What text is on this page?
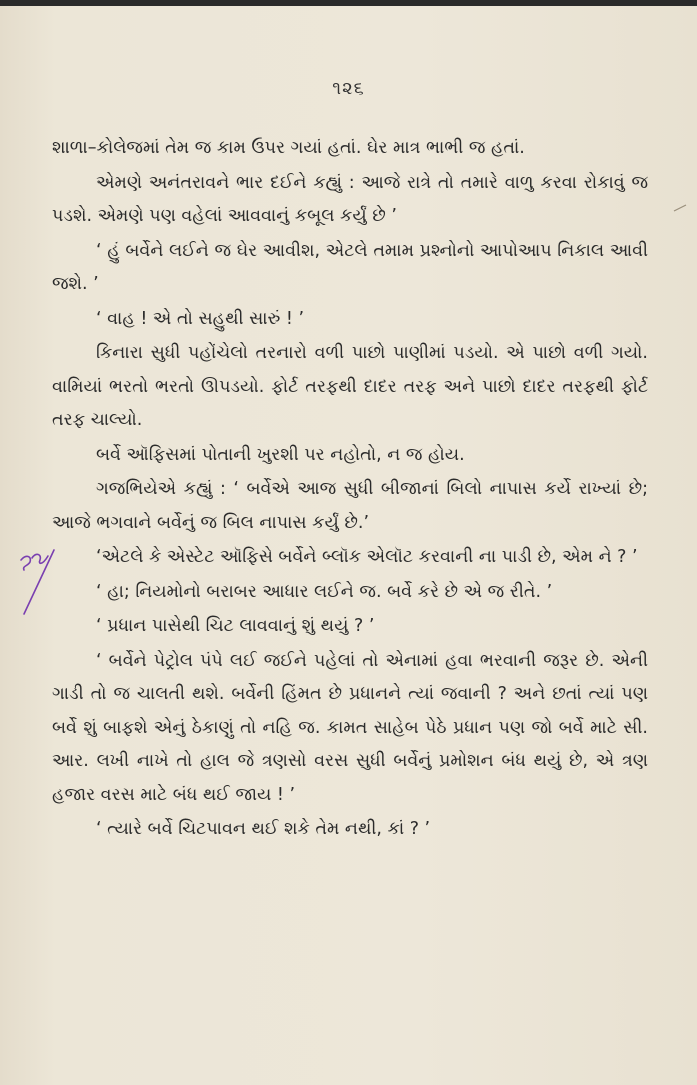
૧૨૬

શાળા–કોલેજમાં તેમ જ કામ ઉપર ગયાં હતાં. ઘેર માત્ર ભાભી જ હતાં.

એમણે અનંતરાવને ભાર દઈને કહ્યું : આજે રાત્રે તો તમારે વાળુ કરવા રોકાવું જ પડશે. એમણે પણ વહેલાં આવવાનું કબૂલ કર્યું છે ’

‘ હું બર્વેને લઈને જ ઘેર આવીશ, એટલે તમામ પ્રશ્નોનો આપોઆપ નિકાલ આવી જશે. ’

‘ વાહ ! એ તો સહુથી સારું ! ’

કિનારા સુધી પહોંચેલો તરનારો વળી પાછો પાણીમાં પડયો. એ પાછો વળી ગયો. વામિયાં ભરતો ભરતો ઊપડયો. ફોર્ટ તરફથી દાદર તરફ અને પાછો દાદર તરફથી ફોર્ટ તરફ ચાલ્યો.

બર્વે ઑફિસમાં પોતાની ખુરશી પર નહોતો, ન જ હોય.

ગજભિયેએ કહ્યું : ‘ બર્વેએ આજ સુધી બીજાનાં બિલો નાપાસ કર્યે રાખ્યાં છે; આજે ભગવાને બર્વેનું જ બિલ નાપાસ કર્યું છે.’

‘એટલે કે એસ્ટેટ ઑફિસે બર્વેને બ્લૉક એલૉટ કરવાની ના પાડી છે, એમ ને ? ’

‘ હા; નિયમોનો બરાબર આધાર લઈને જ. બર્વે કરે છે એ જ રીતે. ’

‘ પ્રધાન પાસેથી ચિટ લાવવાનું શું થયું ? ’

‘ બર્વેને પેટ્રોલ પંપે લઈ જઈને પહેલાં તો એનામાં હવા ભરવાની જરૂર છે. એની ગાડી તો જ ચાલતી થશે. બર્વેની હિંમત છે પ્રધાનને ત્યાં જવાની ? અને છતાં ત્યાં પણ બર્વે શું બાફશે એનું ઠેકાણું તો નહિ જ. કામત સાહેબ પેઠે પ્રધાન પણ જો બર્વે માટે સી. આર. લખી નાખે તો હાલ જે ત્રણસો વરસ સુધી બર્વેનું પ્રમોશન બંધ થયું છે, એ ત્રણ હજાર વરસ માટે બંધ થઈ જાય ! ’

‘ ત્યારે બર્વે ચિટપાવન થઈ શકે તેમ નથી, કાં ? ’
